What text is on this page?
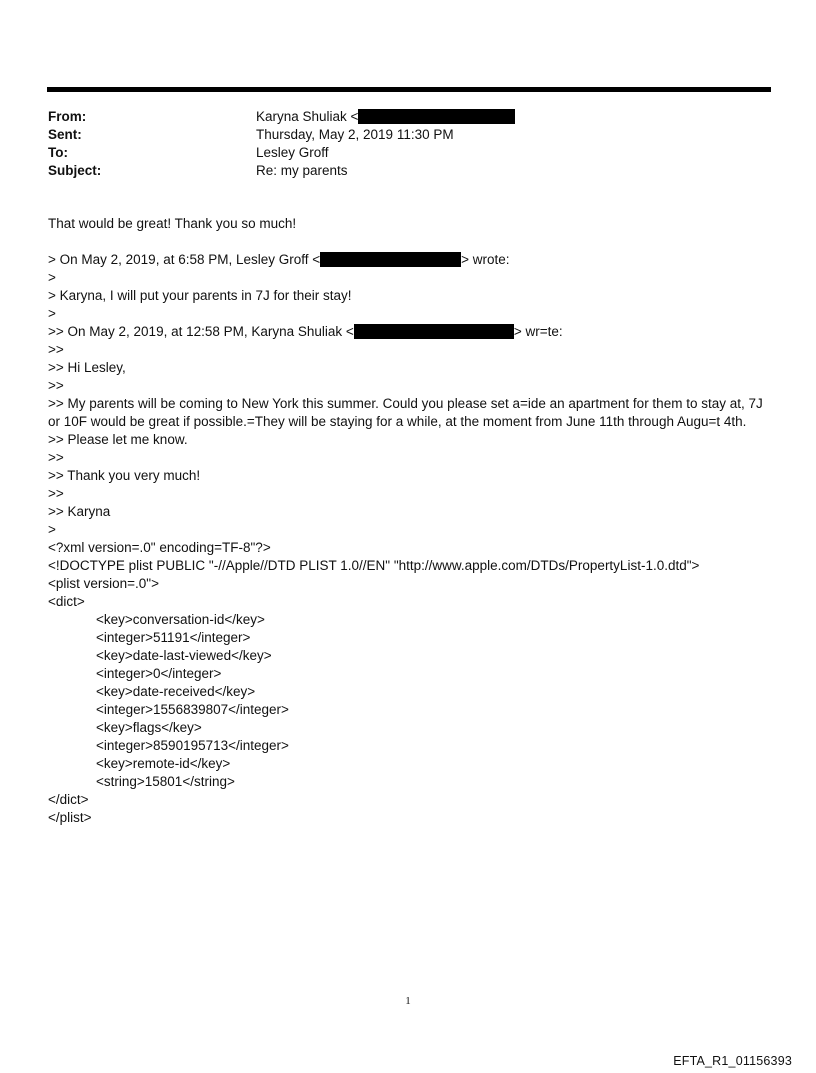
From:	Karyna Shuliak <
Sent:	Thursday, May 2, 2019 11:30 PM
To:	Lesley Groff
Subject:	Re: my parents
That would be great! Thank you so much!
> On May 2, 2019, at 6:58 PM, Lesley Groff <	> wrote:
>
> Karyna, I will put your parents in 7J for their stay!
>
>> On May 2, 2019, at 12:58 PM, Karyna Shuliak <	> wr=te:
>>
>> Hi Lesley,
>>
>> My parents will be coming to New York this summer. Could you please set a=ide an apartment for them to stay at, 7J or 10F would be great if possible.=They will be staying for a while, at the moment from June 11th through Augu=t 4th.
>> Please let me know.
>>
>> Thank you very much!
>>
>> Karyna
>
<?xml version=.0" encoding=TF-8"?>
<!DOCTYPE plist PUBLIC "-//Apple//DTD PLIST 1.0//EN" "http://www.apple.com/DTDs/PropertyList-1.0.dtd">
<plist version=.0">
<dict>
<key>conversation-id</key>
<integer>51191</integer>
<key>date-last-viewed</key>
<integer>0</integer>
<key>date-received</key>
<integer>1556839807</integer>
<key>flags</key>
<integer>8590195713</integer>
<key>remote-id</key>
<string>15801</string>
</dict>
</plist>
1
EFTA_R1_01156393
